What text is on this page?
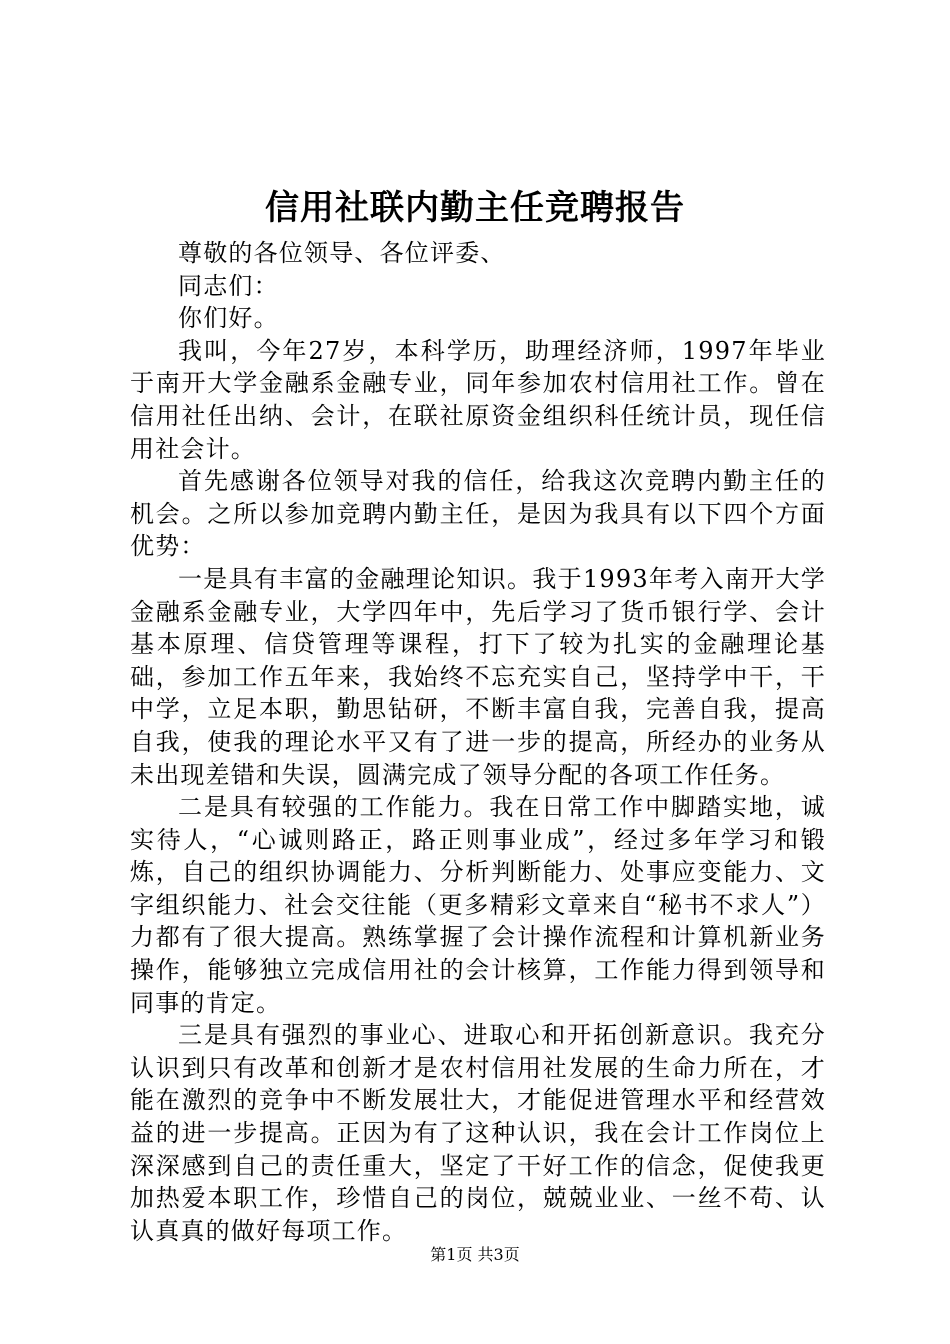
信用社联内勤主任竞聘报告

尊敬的各位领导、各位评委、

同志们：

你们好。

我叫，今年27岁，本科学历，助理经济师，1997年毕业于南开大学金融系金融专业，同年参加农村信用社工作。曾在信用社任出纳、会计，在联社原资金组织科任统计员，现任信用社会计。

首先感谢各位领导对我的信任，给我这次竞聘内勤主任的机会。之所以参加竞聘内勤主任，是因为我具有以下四个方面优势：

一是具有丰富的金融理论知识。我于1993年考入南开大学金融系金融专业，大学四年中，先后学习了货币银行学、会计基本原理、信贷管理等课程，打下了较为扎实的金融理论基础，参加工作五年来，我始终不忘充实自己，坚持学中干，干中学，立足本职，勤思钻研，不断丰富自我，完善自我，提高自我，使我的理论水平又有了进一步的提高，所经办的业务从未出现差错和失误，圆满完成了领导分配的各项工作任务。

二是具有较强的工作能力。我在日常工作中脚踏实地，诚实待人，“心诚则路正，路正则事业成”，经过多年学习和锻炼，自己的组织协调能力、分析判断能力、处事应变能力、文字组织能力、社会交往能（更多精彩文章来自“秘书不求人”）力都有了很大提高。熟练掌握了会计操作流程和计算机新业务操作，能够独立完成信用社的会计核算，工作能力得到领导和同事的肯定。

三是具有强烈的事业心、进取心和开拓创新意识。我充分认识到只有改革和创新才是农村信用社发展的生命力所在，才能在激烈的竞争中不断发展壮大，才能促进管理水平和经营效益的进一步提高。正因为有了这种认识，我在会计工作岗位上深深感到自己的责任重大，坚定了干好工作的信念，促使我更加热爱本职工作，珍惜自己的岗位，兢兢业业、一丝不苟、认认真真的做好每项工作。

第1页 共3页
